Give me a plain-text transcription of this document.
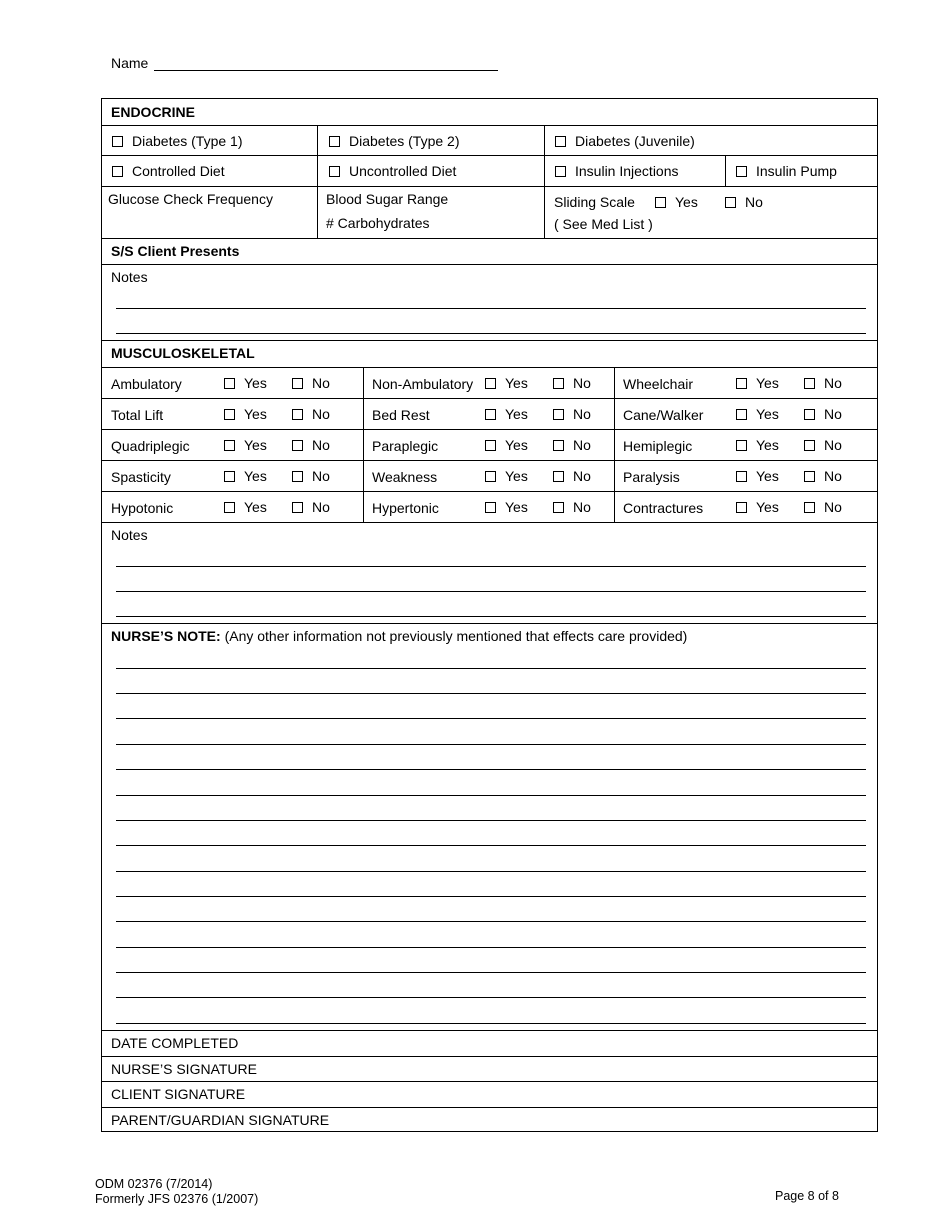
Name
ENDOCRINE
Diabetes (Type 1)	Diabetes (Type 2)	Diabetes (Juvenile)
Controlled Diet	Uncontrolled Diet	Insulin Injections	Insulin Pump
Glucose Check Frequency	Blood Sugar Range
# Carbohydrates
Sliding Scale	Yes	No
( See Med List )
S/S Client Presents
Notes
MUSCULOSKELETAL
Ambulatory	Yes	No	Non-Ambulatory	Yes	No Wheelchair	Yes	No
Total Lift	Yes	No	Bed Rest	Yes	No Cane/Walker	Yes	No
Quadriplegic	Yes	No	Paraplegic	Yes	No Hemiplegic	Yes	No
Spasticity	Yes	No	Weakness	Yes	No Paralysis	Yes	No
Hypotonic	Yes	No	Hypertonic	Yes	No Contractures	Yes	No
Notes
NURSE’S NOTE: (Any other information not previously mentioned that effects care provided)
DATE COMPLETED
NURSE’S SIGNATURE
CLIENT SIGNATURE
PARENT/GUARDIAN SIGNATURE
ODM 02376 (7/2014)
Formerly JFS 02376 (1/2007)	Page 8 of 8
